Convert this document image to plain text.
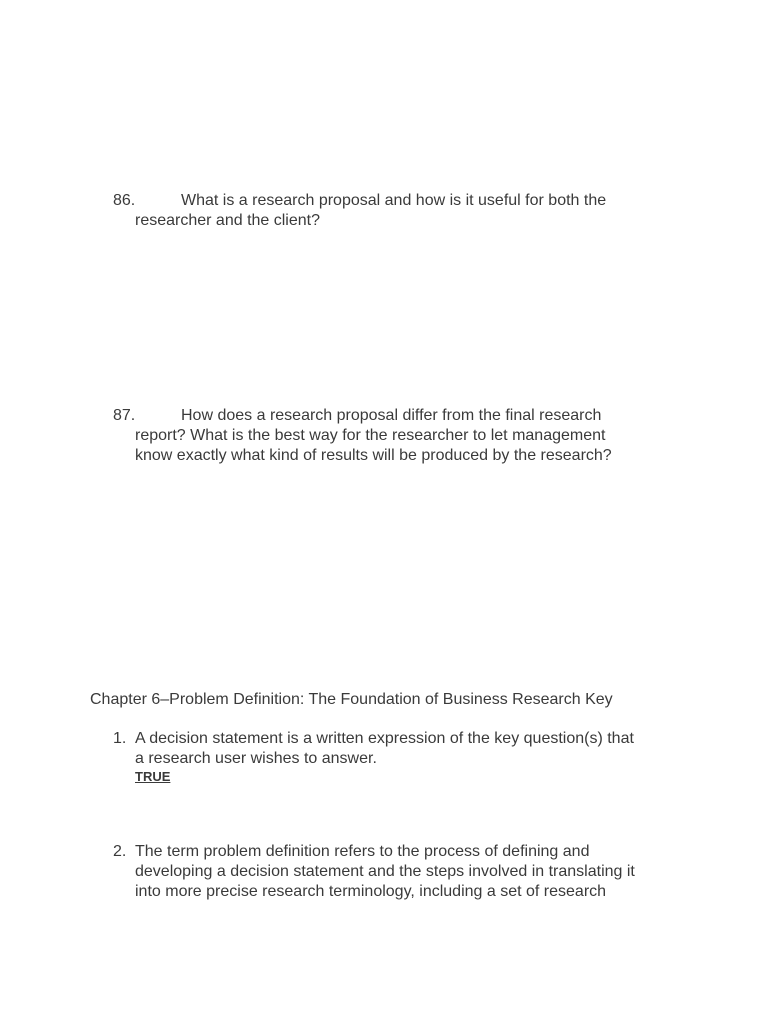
86.	What is a research proposal and how is it useful for both the
researcher and the client?
87.	How does a research proposal differ from the final research
report? What is the best way for the researcher to let management
know exactly what kind of results will be produced by the research?
Chapter 6–Problem Definition: The Foundation of Business Research Key
1. A decision statement is a written expression of the key question(s) that
a research user wishes to answer.
TRUE
2. The term problem definition refers to the process of defining and
developing a decision statement and the steps involved in translating it
into more precise research terminology, including a set of research
